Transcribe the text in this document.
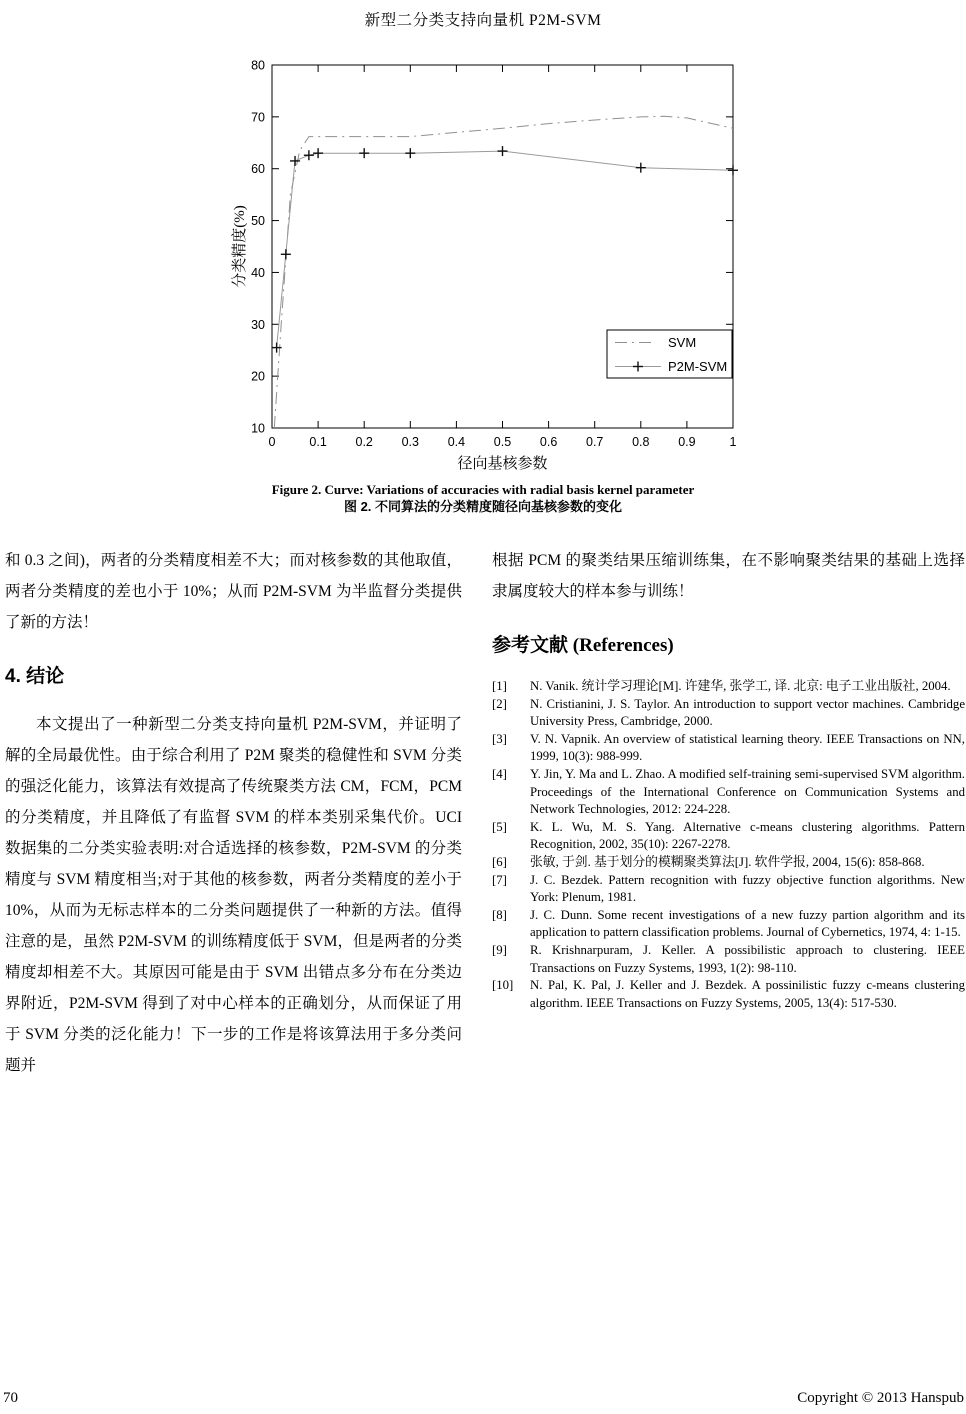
新型二分类支持向量机 P2M-SVM
0	0.1 0.2 0.3 0.4 0.5 0.6 0.7 0.8 0.9	1
10
20
30
40
50
60
70
80
径向基核参数
分类精度(%)
SVM
P2M-SVM
Figure 2. Curve: Variations of accuracies with radial basis kernel parameter
图 2. 不同算法的分类精度随径向基核参数的变化

和 0.3 之间)，两者的分类精度相差不大；而对核参数的其他取值，两者分类精度的差也小于 10%；从而 P2M-SVM 为半监督分类提供了新的方法！

4. 结论

本文提出了一种新型二分类支持向量机 P2M-SVM，并证明了解的全局最优性。由于综合利用了 P2M 聚类的稳健性和 SVM 分类的强泛化能力，该算法有效提高了传统聚类方法 CM，FCM，PCM 的分类精度，并且降低了有监督 SVM 的样本类别采集代价。UCI 数据集的二分类实验表明:对合适选择的核参数，P2M-SVM 的分类精度与 SVM 精度相当;对于其他的核参数，两者分类精度的差小于 10%，从而为无标志样本的二分类问题提供了一种新的方法。值得注意的是，虽然 P2M-SVM 的训练精度低于 SVM，但是两者的分类精度却相差不大。其原因可能是由于 SVM 出错点多分布在分类边界附近，P2M-SVM 得到了对中心样本的正确划分，从而保证了用于 SVM 分类的泛化能力！下一步的工作是将该算法用于多分类问题并

根据 PCM 的聚类结果压缩训练集，在不影响聚类结果的基础上选择隶属度较大的样本参与训练！

参考文献 (References)
[1]	N. Vanik. 统计学习理论[M]. 许建华, 张学工, 译. 北京: 电子工业出版社, 2004.
[2]	N. Cristianini, J. S. Taylor. An introduction to support vector machines. Cambridge University Press, Cambridge, 2000.
[3]	V. N. Vapnik. An overview of statistical learning theory. IEEE Transactions on NN, 1999, 10(3): 988-999.
[4]	Y. Jin, Y. Ma and L. Zhao. A modified self-training semi-supervised SVM algorithm. Proceedings of the International Conference on Communication Systems and Network Technologies, 2012: 224-228.
[5]	K. L. Wu, M. S. Yang. Alternative c-means clustering algorithms. Pattern Recognition, 2002, 35(10): 2267-2278.
[6]	张敏, 于剑. 基于划分的模糊聚类算法[J]. 软件学报, 2004, 15(6): 858-868.
[7]	J. C. Bezdek. Pattern recognition with fuzzy objective function algorithms. New York: Plenum, 1981.
[8]	J. C. Dunn. Some recent investigations of a new fuzzy partion algorithm and its application to pattern classification problems. Journal of Cybernetics, 1974, 4: 1-15.
[9]	R. Krishnarpuram, J. Keller. A possibilistic approach to clustering. IEEE Transactions on Fuzzy Systems, 1993, 1(2): 98-110.
[10]	N. Pal, K. Pal, J. Keller and J. Bezdek. A possinilistic fuzzy c-means clustering algorithm. IEEE Transactions on Fuzzy Systems, 2005, 13(4): 517-530.
70	Copyright © 2013 Hanspub
